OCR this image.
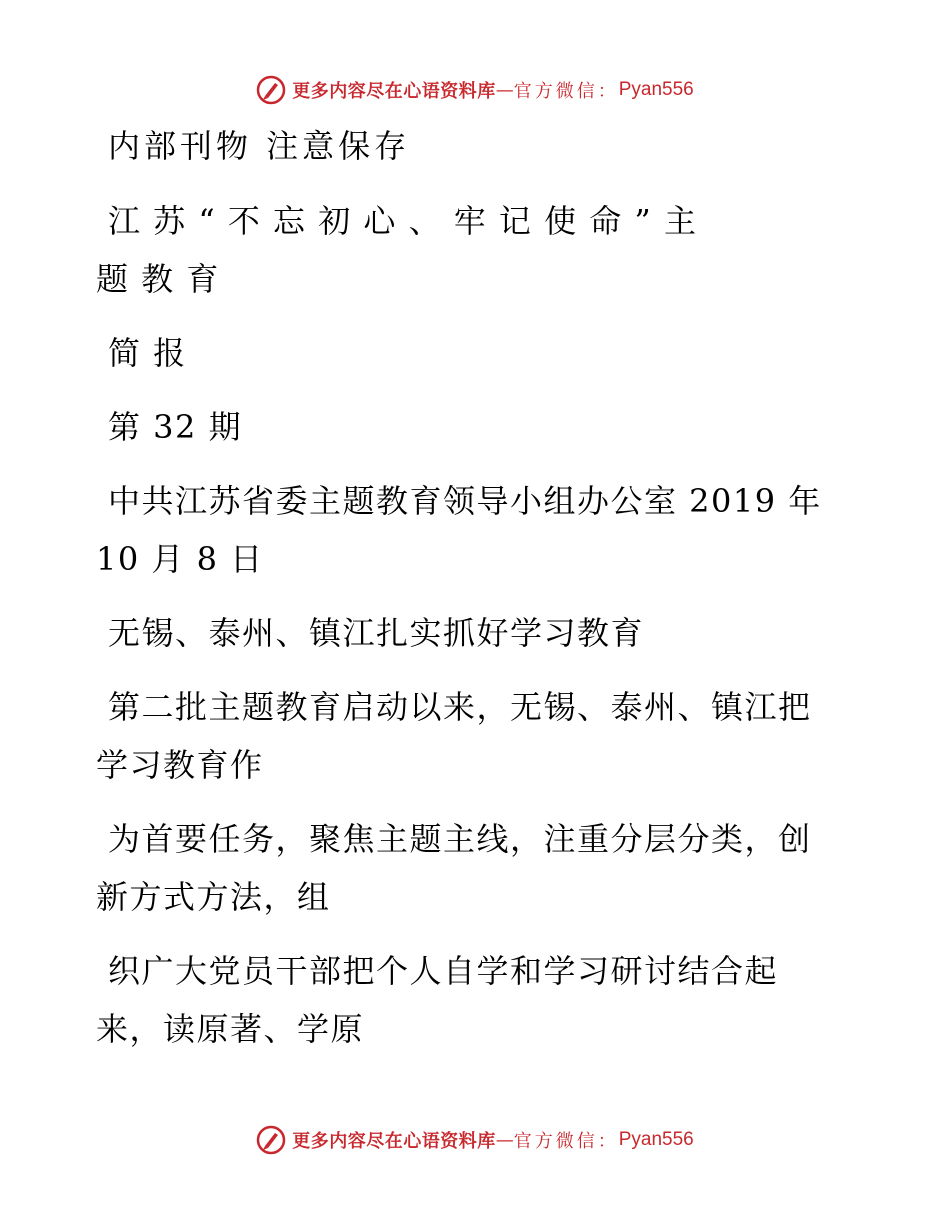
更多内容尽在心语资料库 — 官方微信： Pyan556
内部刊物 注意保存
江 苏 “ 不 忘 初 心 、 牢 记 使 命 ” 主
题 教 育
简 报
第 32 期
中共江苏省委主题教育领导小组办公室 2019 年
10 月 8 日
无锡、泰州、镇江扎实抓好学习教育
第二批主题教育启动以来，无锡、泰州、镇江把
学习教育作
为首要任务，聚焦主题主线，注重分层分类，创
新方式方法，组
织广大党员干部把个人自学和学习研讨结合起
来，读原著、学原
更多内容尽在心语资料库 — 官方微信： Pyan556
